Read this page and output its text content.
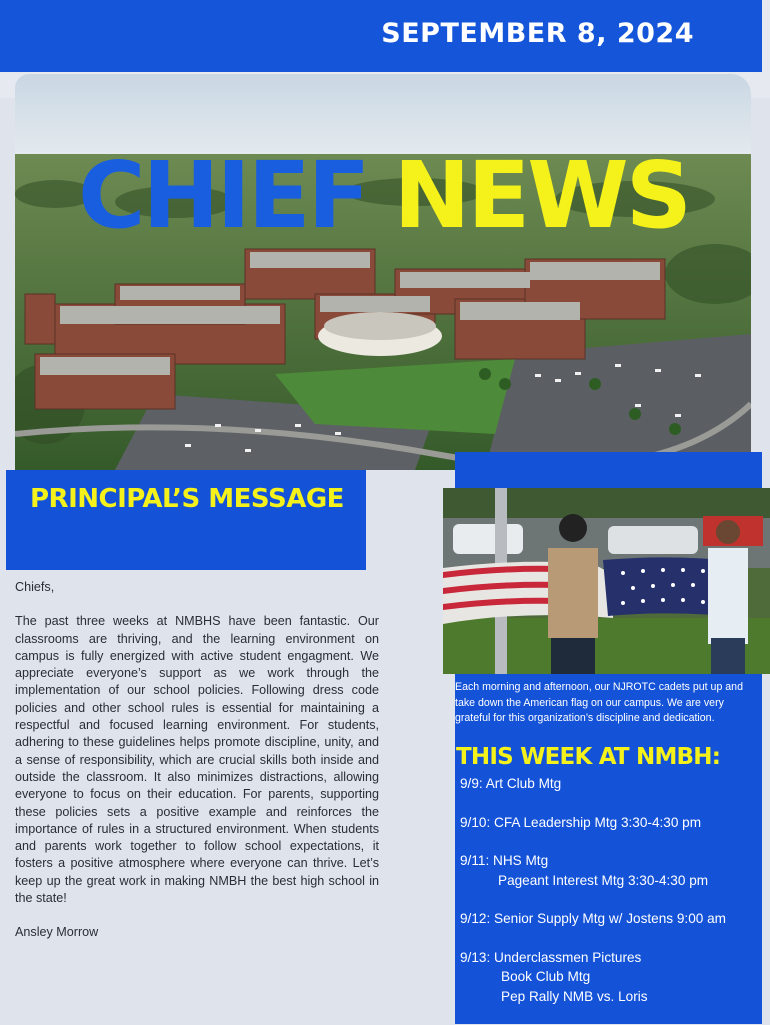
SEPTEMBER 8, 2024
CHIEF NEWS
PRINCIPAL’S MESSAGE

Chiefs,

The past three weeks at NMBHS have been fantastic. Our classrooms are thriving, and the learning environment on campus is fully energized with active student engagment. We appreciate everyone’s support as we work through the implementation of our school policies. Following dress code policies and other school rules is essential for maintaining a respectful and focused learning environment. For students, adhering to these guidelines helps promote discipline, unity, and a sense of responsibility, which are crucial skills both inside and outside the classroom. It also minimizes distractions, allowing everyone to focus on their education. For parents, supporting these policies sets a positive example and reinforces the importance of rules in a structured environment. When students and parents work together to follow school expectations, it fosters a positive atmosphere where everyone can thrive. Let’s keep up the great work in making NMBH the best high school in the state!

Ansley Morrow

Each morning and afternoon, our NJROTC cadets put up and take down the American flag on our campus. We are very grateful for this organization’s discipline and dedication.
THIS WEEK AT NMBH:
9/9: Art Club Mtg
9/10: CFA Leadership Mtg 3:30-4:30 pm
9/11: NHS Mtg
Pageant Interest Mtg 3:30-4:30 pm
9/12: Senior Supply Mtg w/ Jostens 9:00 am
9/13: Underclassmen Pictures
Book Club Mtg
Pep Rally NMB vs. Loris
